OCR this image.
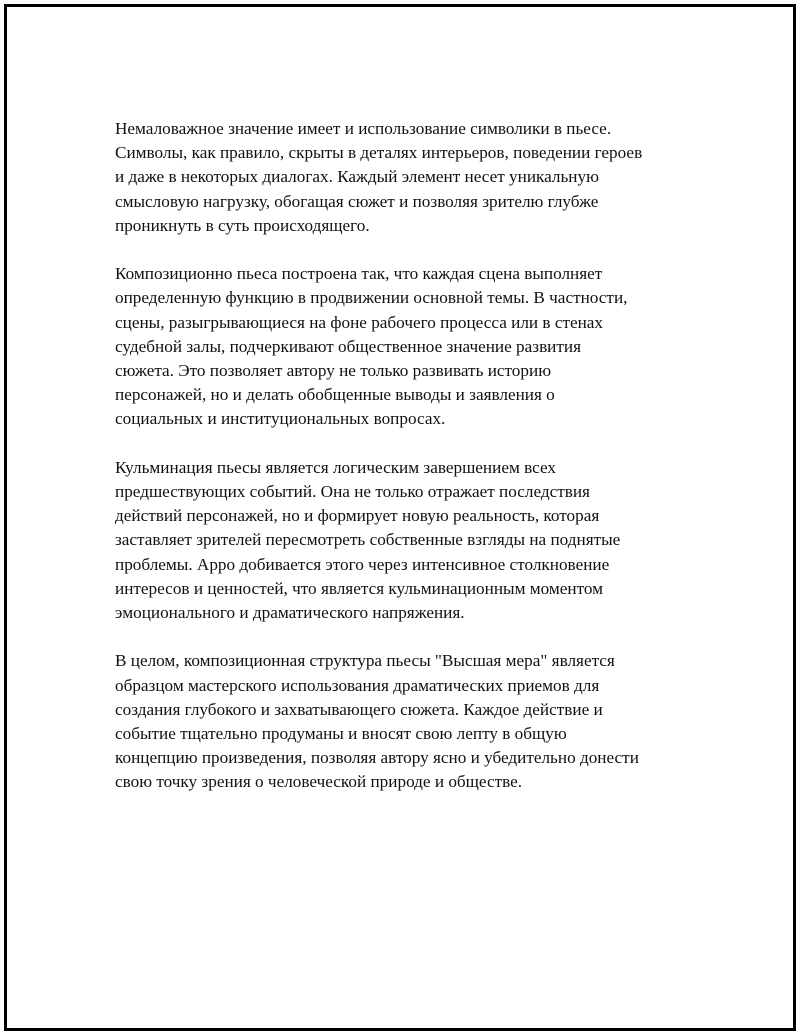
Немаловажное значение имеет и использование символики в пьесе.
Символы, как правило, скрыты в деталях интерьеров, поведении героев
и даже в некоторых диалогах. Каждый элемент несет уникальную
смысловую нагрузку, обогащая сюжет и позволяя зрителю глубже
проникнуть в суть происходящего.
Композиционно пьеса построена так, что каждая сцена выполняет
определенную функцию в продвижении основной темы. В частности,
сцены, разыгрывающиеся на фоне рабочего процесса или в стенах
судебной залы, подчеркивают общественное значение развития
сюжета. Это позволяет автору не только развивать историю
персонажей, но и делать обобщенные выводы и заявления о
социальных и институциональных вопросах.
Кульминация пьесы является логическим завершением всех
предшествующих событий. Она не только отражает последствия
действий персонажей, но и формирует новую реальность, которая
заставляет зрителей пересмотреть собственные взгляды на поднятые
проблемы. Арро добивается этого через интенсивное столкновение
интересов и ценностей, что является кульминационным моментом
эмоционального и драматического напряжения.
В целом, композиционная структура пьесы "Высшая мера" является
образцом мастерского использования драматических приемов для
создания глубокого и захватывающего сюжета. Каждое действие и
событие тщательно продуманы и вносят свою лепту в общую
концепцию произведения, позволяя автору ясно и убедительно донести
свою точку зрения о человеческой природе и обществе.
